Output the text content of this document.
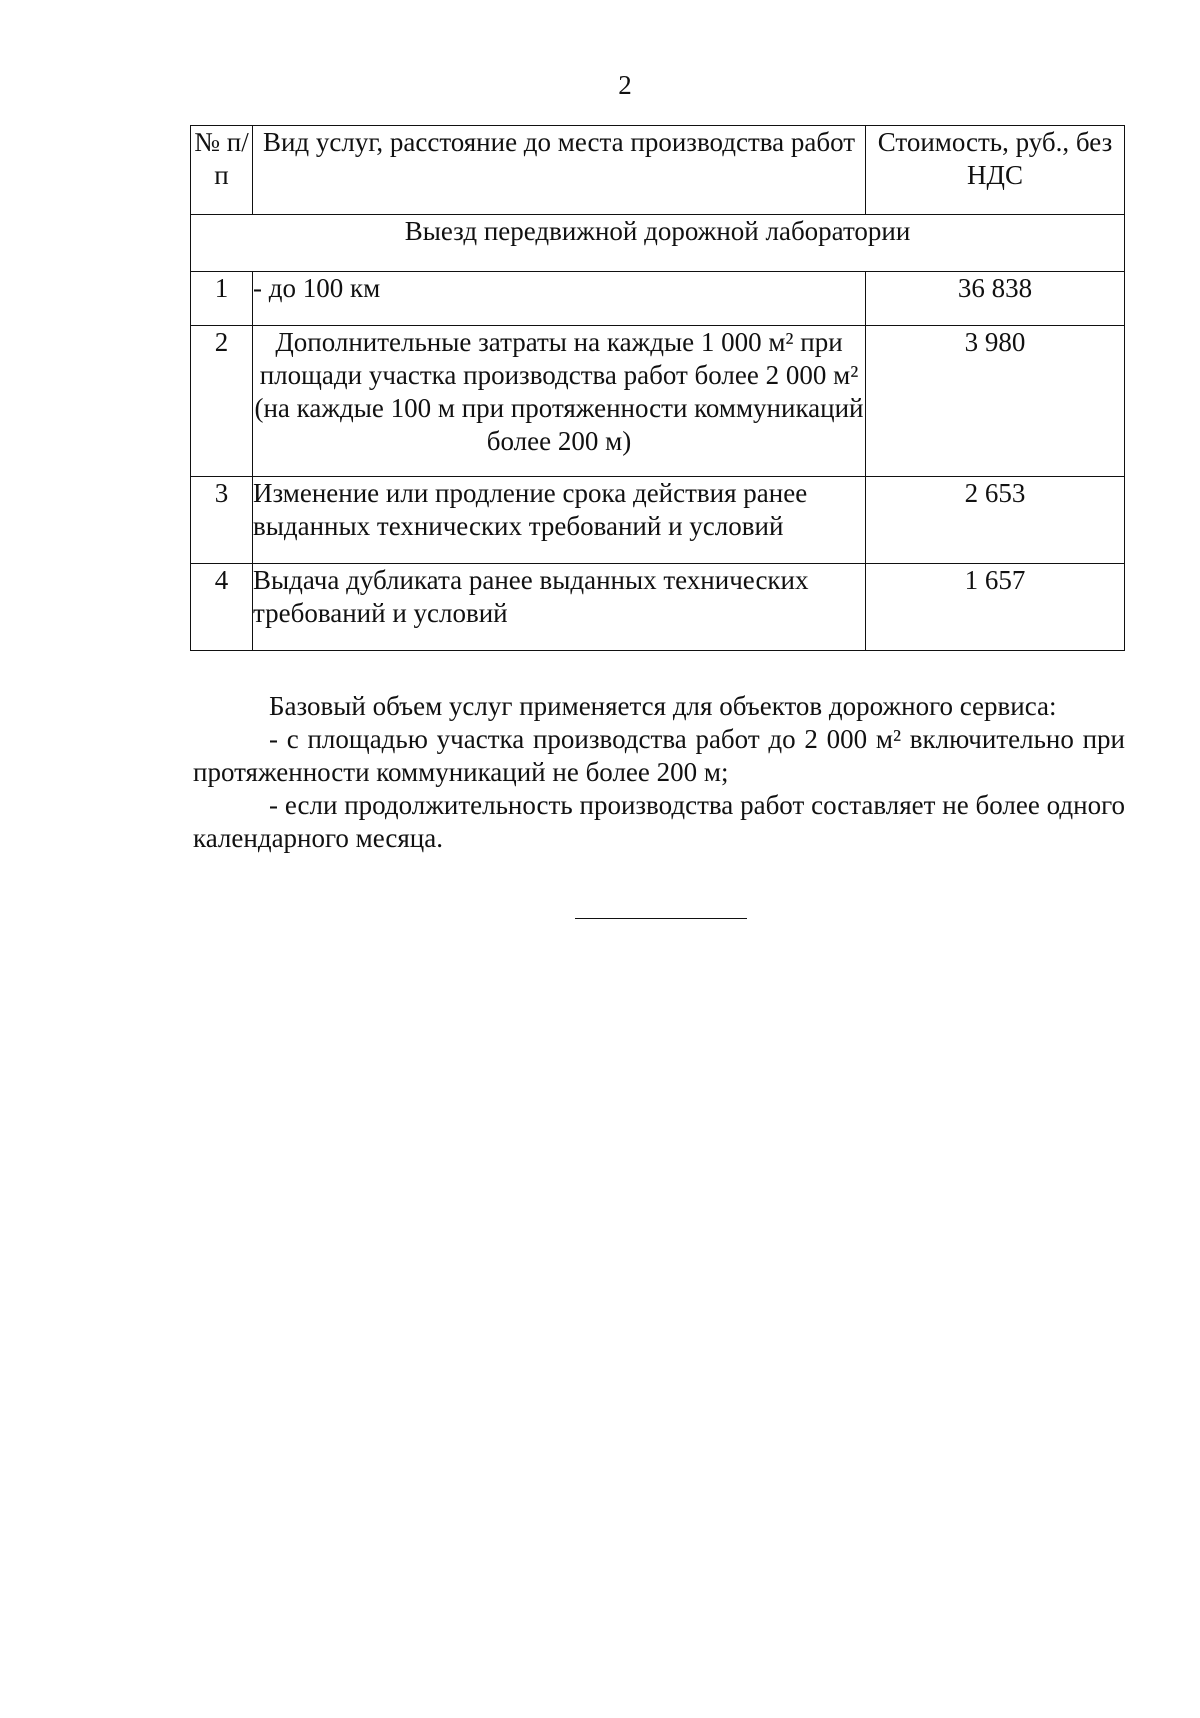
2
№ п/п	Вид услуг, расстояние до места производства работ	Стоимость, руб., без НДС
Выезд передвижной дорожной лаборатории		
1	- до 100 км	36 838
2	Дополнительные затраты на каждые 1 000 м² при площади участка производства работ более 2 000 м² (на каждые 100 м при протяженности коммуникаций более 200 м)	3 980
3	Изменение или продление срока действия ранее выданных технических требований и условий	2 653
4	Выдача дубликата ранее выданных технических требований и условий	1 657

Базовый объем услуг применяется для объектов дорожного сервиса:

- с площадью участка производства работ до 2 000 м² включительно при протяженности коммуникаций не более 200 м;

- если продолжительность производства работ составляет не более одного календарного месяца.
